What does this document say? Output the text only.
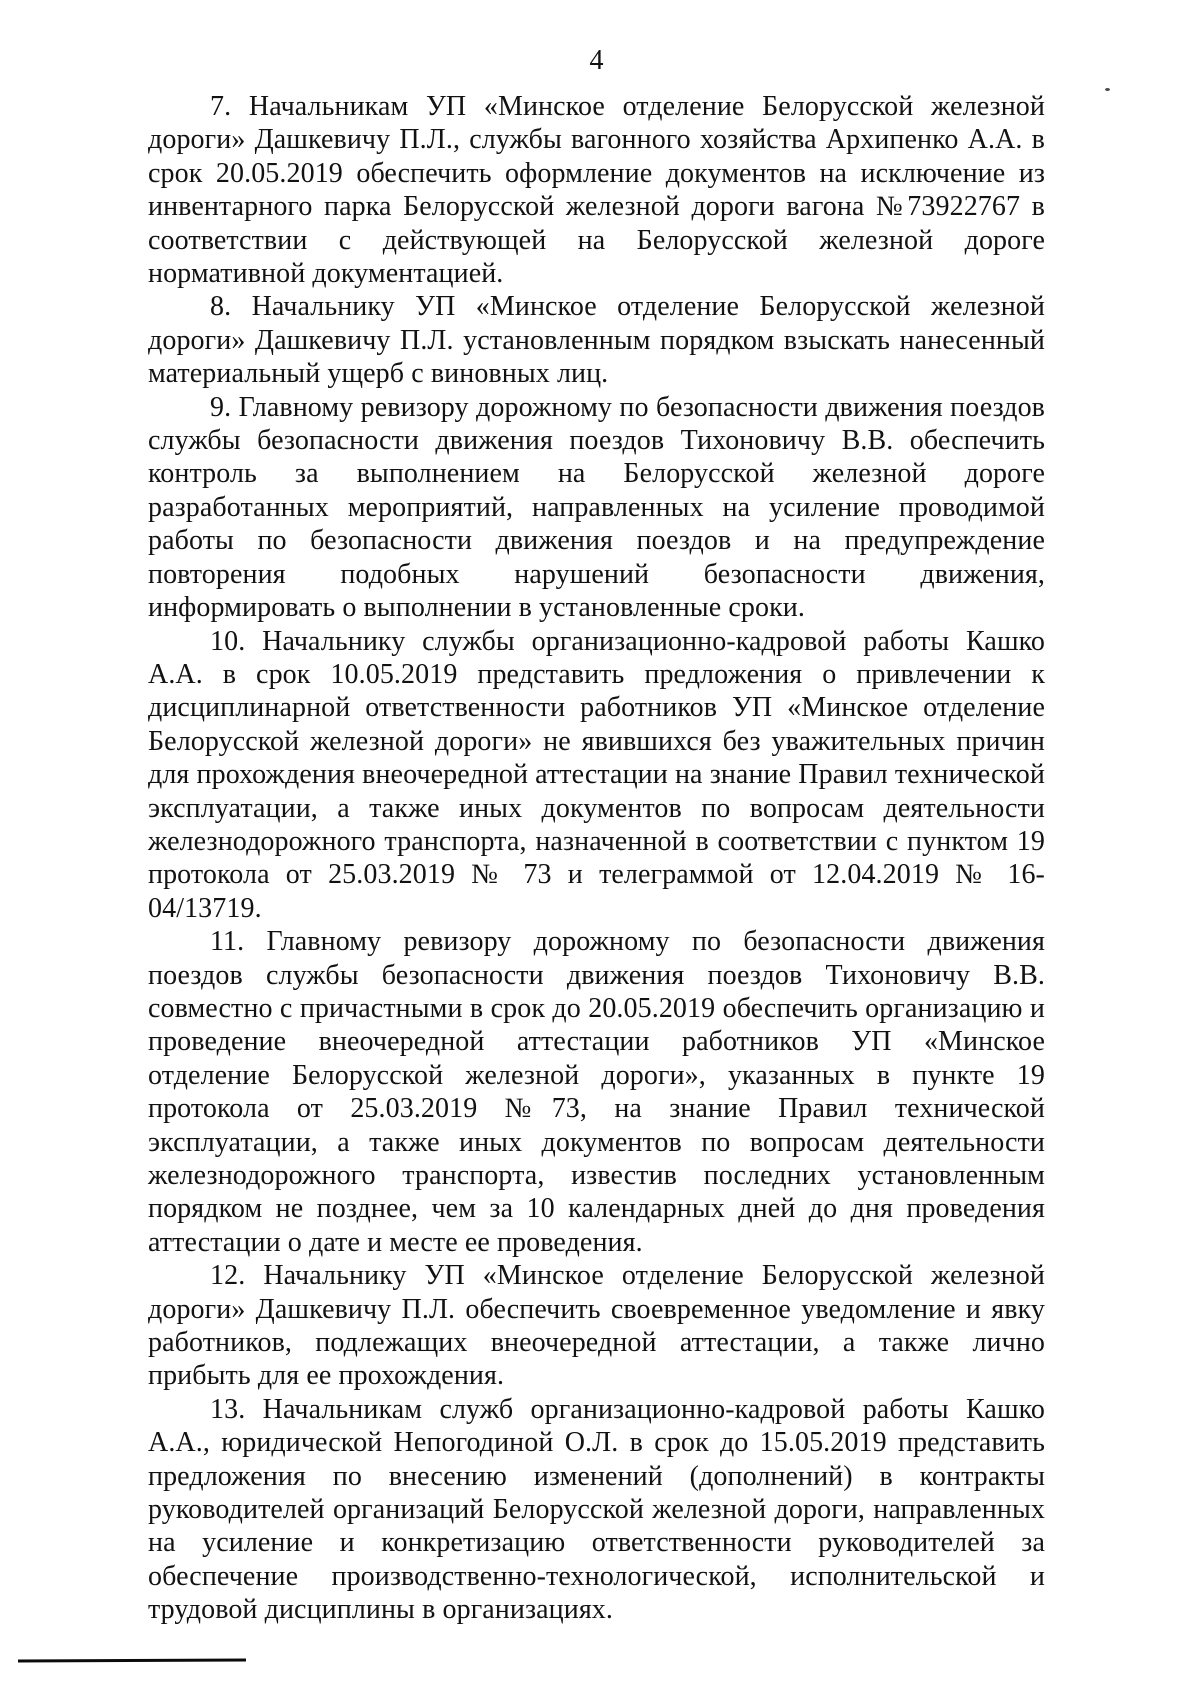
4

7. Начальникам УП «Минское отделение Белорусской железной дороги» Дашкевичу П.Л., службы вагонного хозяйства Архипенко А.А. в срок 20.05.2019 обеспечить оформление документов на исключение из инвентарного парка Белорусской железной дороги вагона №73922767 в соответствии с действующей на Белорусской железной дороге нормативной документацией.

8. Начальнику УП «Минское отделение Белорусской железной дороги» Дашкевичу П.Л. установленным порядком взыскать нанесенный материальный ущерб с виновных лиц.

9. Главному ревизору дорожному по безопасности движения поездов службы безопасности движения поездов Тихоновичу В.В. обеспечить контроль за выполнением на Белорусской железной дороге разработанных мероприятий, направленных на усиление проводимой работы по безопасности движения поездов и на предупреждение повторения подобных нарушений безопасности движения, информировать о выполнении в установленные сроки.

10. Начальнику службы организационно-кадровой работы Кашко А.А. в срок 10.05.2019 представить предложения о привлечении к дисциплинарной ответственности работников УП «Минское отделение Белорусской железной дороги» не явившихся без уважительных причин для прохождения внеочередной аттестации на знание Правил технической эксплуатации, а также иных документов по вопросам деятельности железнодорожного транспорта, назначенной в соответствии с пунктом 19 протокола от 25.03.2019 № 73 и телеграммой от 12.04.2019 № 16-04/13719.

11. Главному ревизору дорожному по безопасности движения поездов службы безопасности движения поездов Тихоновичу В.В. совместно с причастными в срок до 20.05.2019 обеспечить организацию и проведение внеочередной аттестации работников УП «Минское отделение Белорусской железной дороги», указанных в пункте 19 протокола от 25.03.2019 №73, на знание Правил технической эксплуатации, а также иных документов по вопросам деятельности железнодорожного транспорта, известив последних установленным порядком не позднее, чем за 10 календарных дней до дня проведения аттестации о дате и месте ее проведения.

12. Начальнику УП «Минское отделение Белорусской железной дороги» Дашкевичу П.Л. обеспечить своевременное уведомление и явку работников, подлежащих внеочередной аттестации, а также лично прибыть для ее прохождения.

13. Начальникам служб организационно-кадровой работы Кашко А.А., юридической Непогодиной О.Л. в срок до 15.05.2019 представить предложения по внесению изменений (дополнений) в контракты руководителей организаций Белорусской железной дороги, направленных на усиление и конкретизацию ответственности руководителей за обеспечение производственно-технологической, исполнительской и трудовой дисциплины в организациях.
